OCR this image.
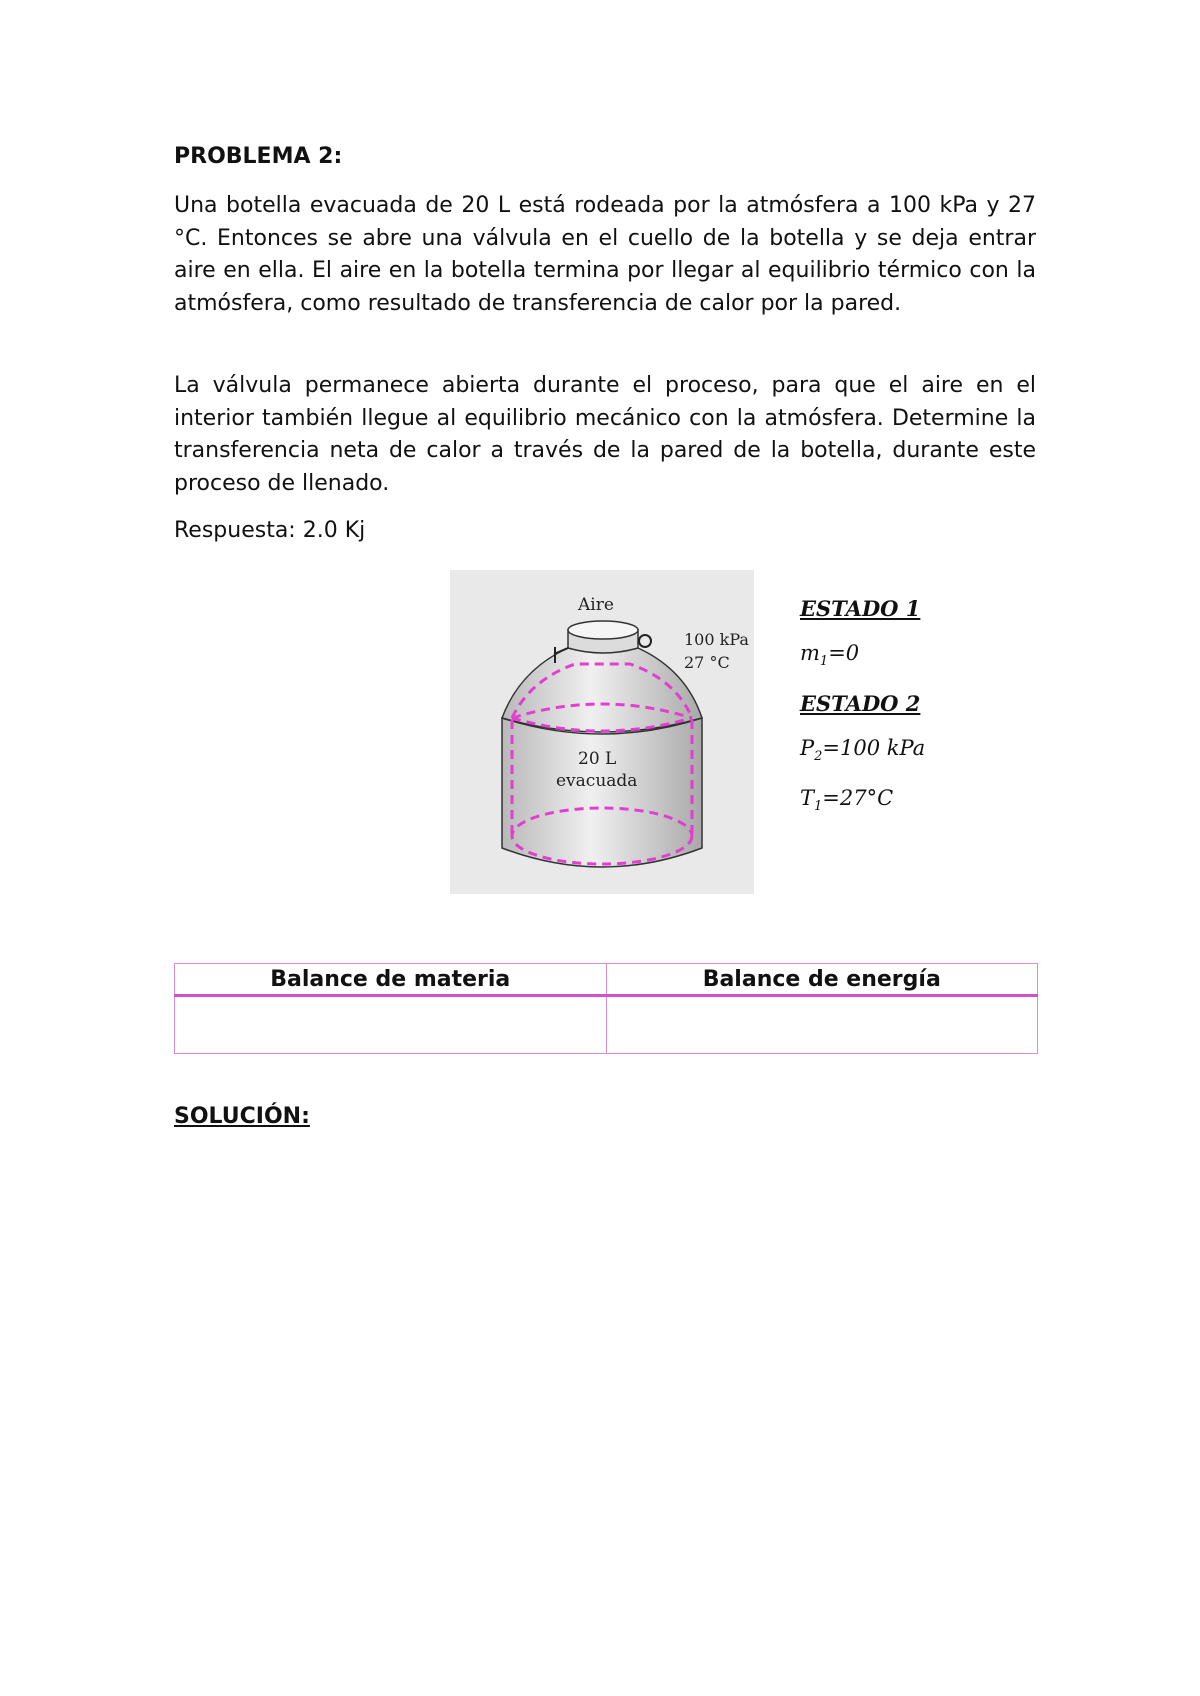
PROBLEMA 2:

Una botella evacuada de 20 L está rodeada por la atmósfera a 100 kPa y 27 °C. Entonces se abre una válvula en el cuello de la botella y se deja entrar aire en ella. El aire en la botella termina por llegar al equilibrio térmico con la atmósfera, como resultado de transferencia de calor por la pared.

La válvula permanece abierta durante el proceso, para que el aire en el interior también llegue al equilibrio mecánico con la atmósfera. Determine la transferencia neta de calor a través de la pared de la botella, durante este proceso de llenado.

Respuesta: 2.0 Kj

Aire
100 kPa
27 °C
20 L
evacuada

ESTADO 1

$m_1=0$

ESTADO 2

$P_2=100$ kPa

$T_1=27^\circ C$

Balance de materia	Balance de energía

SOLUCIÓN:
